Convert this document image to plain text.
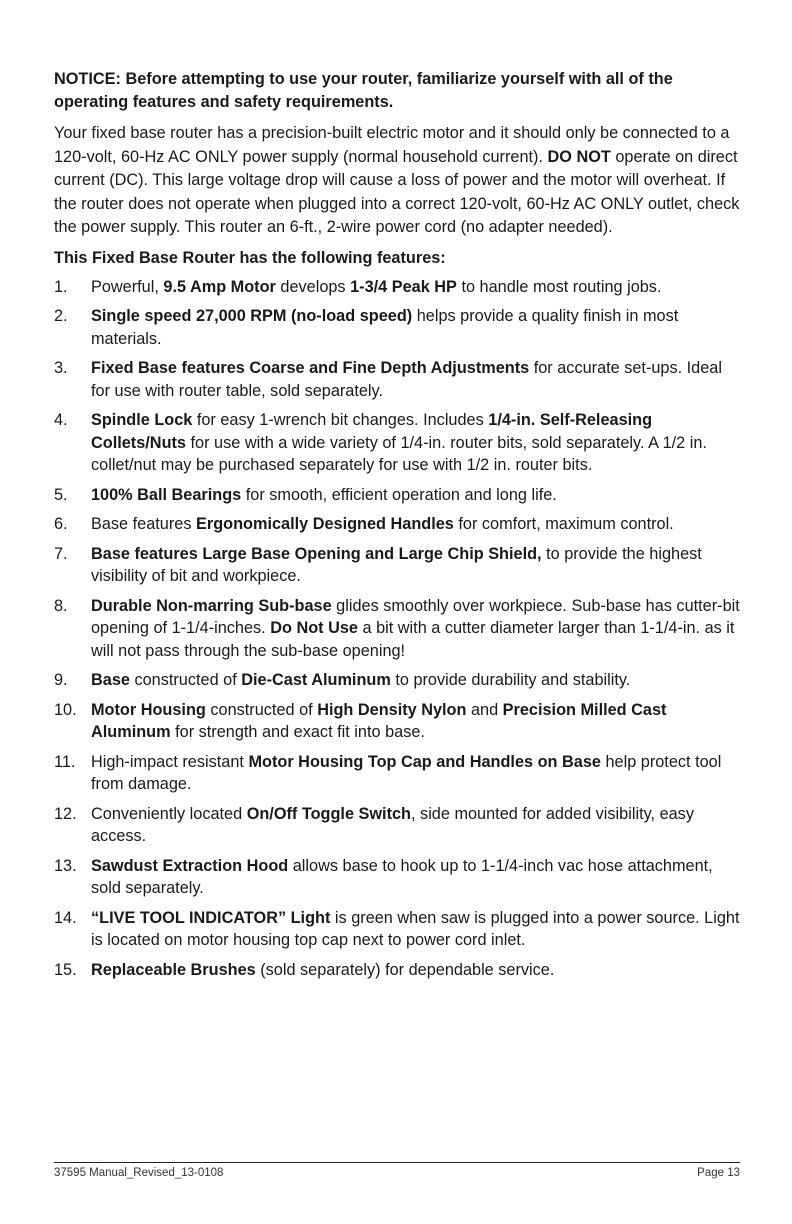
NOTICE: Before attempting to use your router, familiarize yourself with all of the operating features and safety requirements.

Your fixed base router has a precision-built electric motor and it should only be connected to a 120-volt, 60-Hz AC ONLY power supply (normal household current). DO NOT operate on direct current (DC). This large voltage drop will cause a loss of power and the motor will overheat. If the router does not operate when plugged into a correct 120-volt, 60-Hz AC ONLY outlet, check the power supply. This router an 6-ft., 2-wire power cord (no adapter needed).

This Fixed Base Router has the following features:

1.	Powerful, 9.5 Amp Motor develops 1-3/4 Peak HP to handle most routing jobs.
2.	Single speed 27,000 RPM (no-load speed) helps provide a quality finish in most materials.
3.	Fixed Base features Coarse and Fine Depth Adjustments for accurate set-ups. Ideal for use with router table, sold separately.
4.	Spindle Lock for easy 1-wrench bit changes. Includes 1/4-in. Self-Releasing Collets/Nuts for use with a wide variety of 1/4-in. router bits, sold separately. A 1/2 in. collet/nut may be purchased separately for use with 1/2 in. router bits.
5.	100% Ball Bearings for smooth, efficient operation and long life.
6.	Base features Ergonomically Designed Handles for comfort, maximum control.
7.	Base features Large Base Opening and Large Chip Shield, to provide the highest visibility of bit and workpiece.
8.	Durable Non-marring Sub-base glides smoothly over workpiece. Sub-base has cutter-bit opening of 1-1/4-inches. Do Not Use a bit with a cutter diameter larger than 1-1/4-in. as it will not pass through the sub-base opening!
9.	Base constructed of Die-Cast Aluminum to provide durability and stability.
10. Motor Housing constructed of High Density Nylon and Precision Milled Cast Aluminum for strength and exact fit into base.
11. High-impact resistant Motor Housing Top Cap and Handles on Base help protect tool from damage.
12. Conveniently located On/Off Toggle Switch, side mounted for added visibility, easy access.
13. Sawdust Extraction Hood allows base to hook up to 1-1/4-inch vac hose attachment, sold separately.
14. “LIVE TOOL INDICATOR” Light is green when saw is plugged into a power source. Light is located on motor housing top cap next to power cord inlet.
15. Replaceable Brushes (sold separately) for dependable service.
37595 Manual_Revised_13-0108	Page 13
